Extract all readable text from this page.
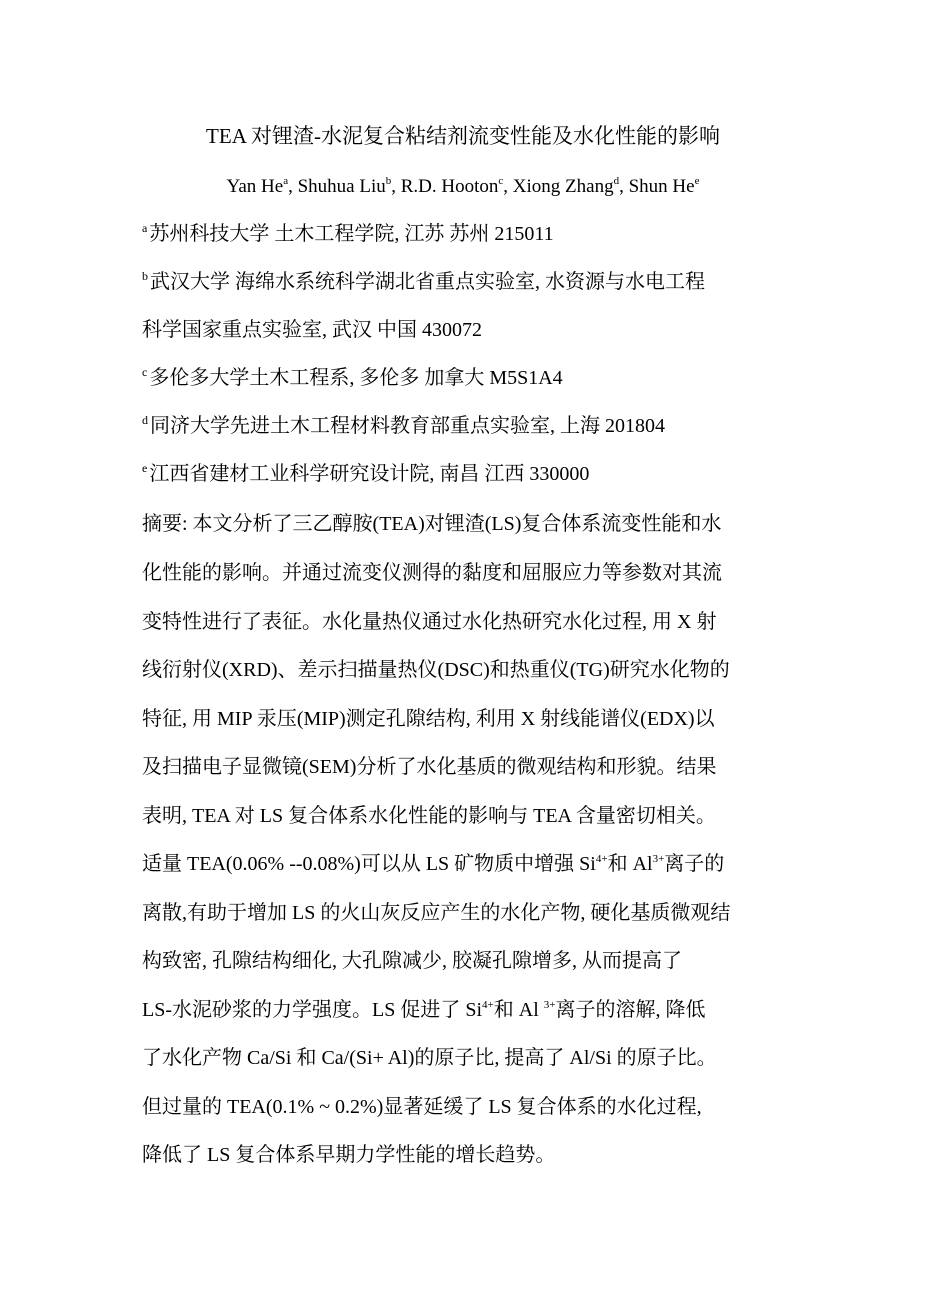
TEA 对锂渣-水泥复合粘结剂流变性能及水化性能的影响
Yan He$^a$, Shuhua Liu$^b$, R.D. Hooton$^c$, Xiong Zhang$^d$, Shun He$^e$
$^a$ 苏州科技大学 土木工程学院, 江苏 苏州 215011
$^b$ 武汉大学 海绵水系统科学湖北省重点实验室, 水资源与水电工程
科学国家重点实验室, 武汉 中国 430072
$^c$ 多伦多大学土木工程系, 多伦多 加拿大 M5S1A4
$^d$ 同济大学先进土木工程材料教育部重点实验室, 上海 201804
$^e$ 江西省建材工业科学研究设计院, 南昌 江西 330000
摘要: 本文分析了三乙醇胺(TEA)对锂渣(LS)复合体系流变性能和水
化性能的影响。并通过流变仪测得的黏度和屈服应力等参数对其流
变特性进行了表征。水化量热仪通过水化热研究水化过程, 用 X 射
线衍射仪(XRD)、差示扫描量热仪(DSC)和热重仪(TG)研究水化物的
特征, 用 MIP 汞压(MIP)测定孔隙结构, 利用 X 射线能谱仪(EDX)以
及扫描电子显微镜(SEM)分析了水化基质的微观结构和形貌。结果
表明, TEA 对 LS 复合体系水化性能的影响与 TEA 含量密切相关。
适量 TEA(0.06% --0.08%)可以从 LS 矿物质中增强 $Si^{4+}$和 $Al^{3+}$离子的
离散,有助于增加 LS 的火山灰反应产生的水化产物, 硬化基质微观结
构致密, 孔隙结构细化, 大孔隙减少, 胶凝孔隙增多, 从而提高了
LS-水泥砂浆的力学强度。LS 促进了 $Si^{4+}$和 Al $^{3+}$离子的溶解, 降低
了水化产物 Ca/Si 和 Ca/(Si+ Al)的原子比, 提高了 Al/Si 的原子比。
但过量的 TEA(0.1% ~ 0.2%)显著延缓了 LS 复合体系的水化过程,
降低了 LS 复合体系早期力学性能的增长趋势。
